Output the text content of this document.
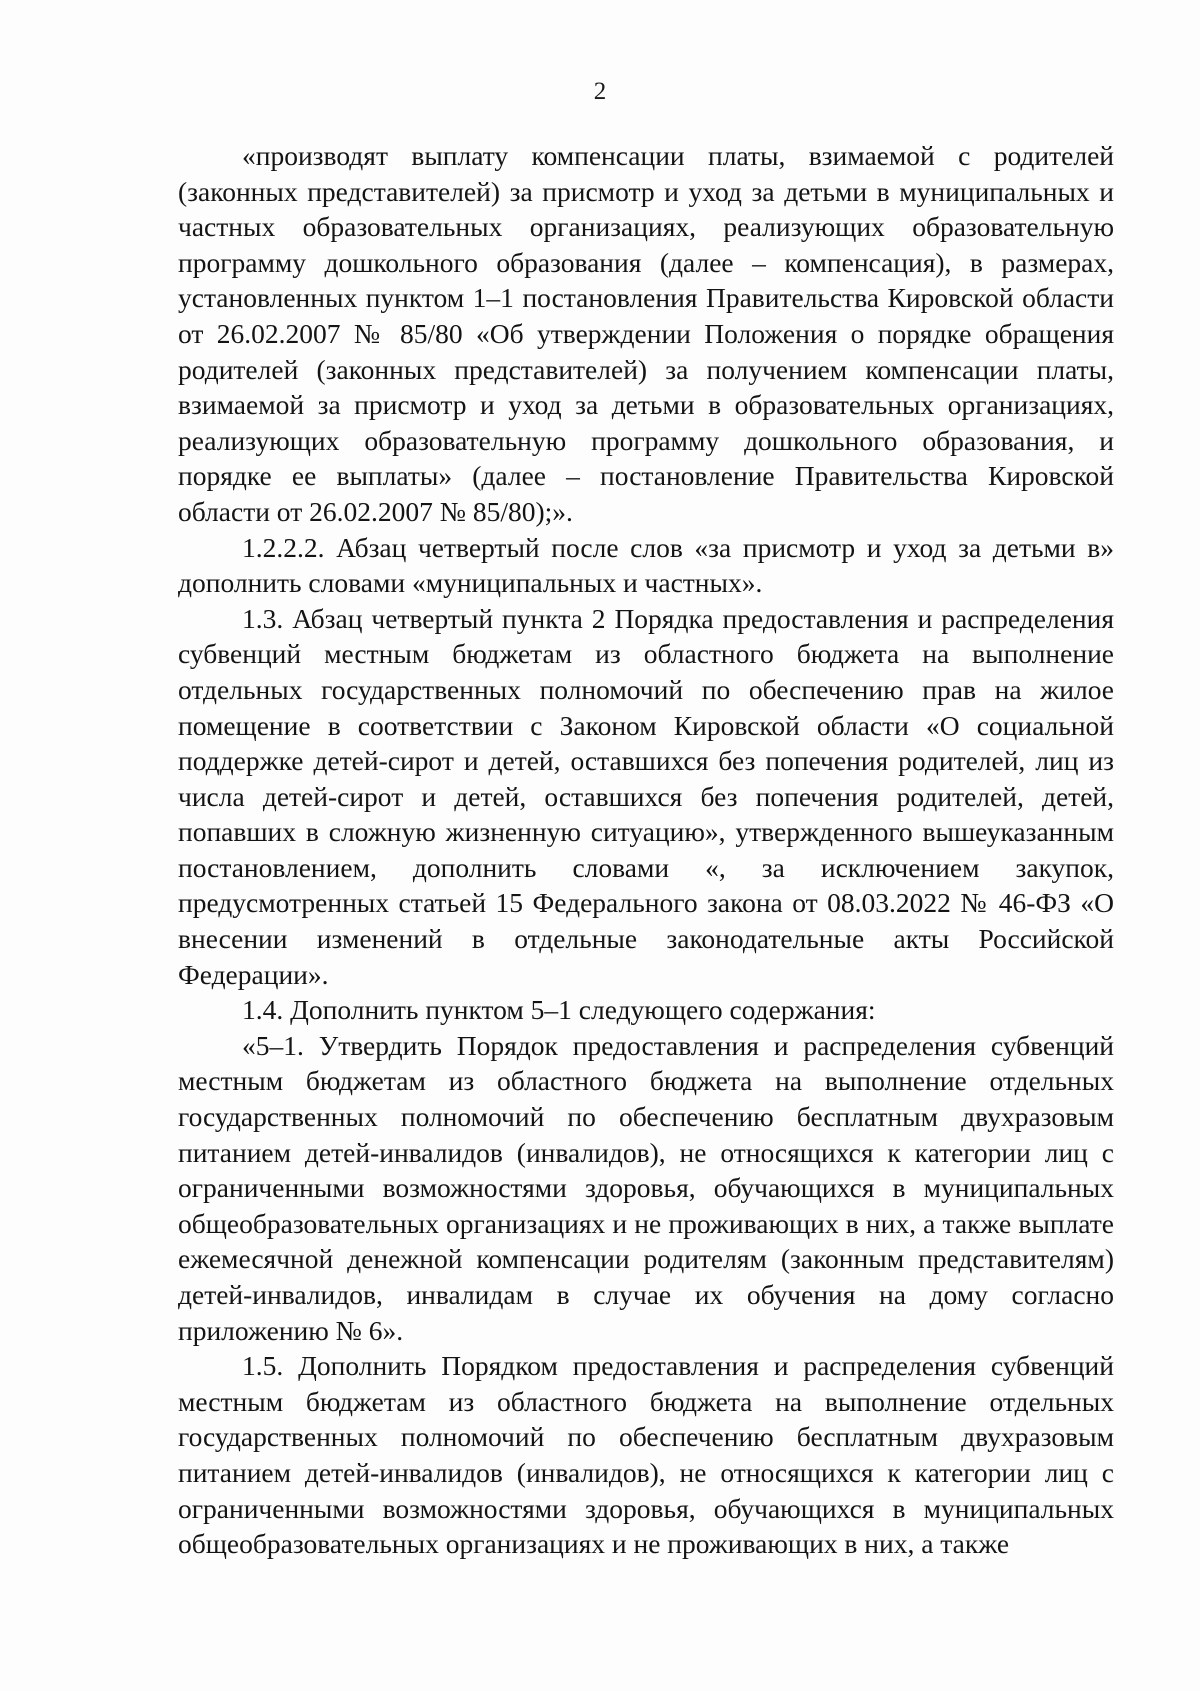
2

«производят выплату компенсации платы, взимаемой с родителей (законных представителей) за присмотр и уход за детьми в муниципальных и частных образовательных организациях, реализующих образовательную программу дошкольного образования (далее – компенсация), в размерах, установленных пунктом 1–1 постановления Правительства Кировской области от 26.02.2007 № 85/80 «Об утверждении Положения о порядке обращения родителей (законных представителей) за получением компенсации платы, взимаемой за присмотр и уход за детьми в образовательных организациях, реализующих образовательную программу дошкольного образования, и порядке ее выплаты» (далее – постановление Правительства Кировской области от 26.02.2007 № 85/80);».

1.2.2.2. Абзац четвертый после слов «за присмотр и уход за детьми в» дополнить словами «муниципальных и частных».

1.3. Абзац четвертый пункта 2 Порядка предоставления и распределения субвенций местным бюджетам из областного бюджета на выполнение отдельных государственных полномочий по обеспечению прав на жилое помещение в соответствии с Законом Кировской области «О социальной поддержке детей-сирот и детей, оставшихся без попечения родителей, лиц из числа детей-сирот и детей, оставшихся без попечения родителей, детей, попавших в сложную жизненную ситуацию», утвержденного вышеуказанным постановлением, дополнить словами «, за исключением закупок, предусмотренных статьей 15 Федерального закона от 08.03.2022 № 46-ФЗ «О внесении изменений в отдельные законодательные акты Российской Федерации».

1.4. Дополнить пунктом 5–1 следующего содержания:

«5–1. Утвердить Порядок предоставления и распределения субвенций местным бюджетам из областного бюджета на выполнение отдельных государственных полномочий по обеспечению бесплатным двухразовым питанием детей-инвалидов (инвалидов), не относящихся к категории лиц с ограниченными возможностями здоровья, обучающихся в муниципальных общеобразовательных организациях и не проживающих в них, а также выплате ежемесячной денежной компенсации родителям (законным представителям) детей-инвалидов, инвалидам в случае их обучения на дому согласно приложению № 6».

1.5. Дополнить Порядком предоставления и распределения субвенций местным бюджетам из областного бюджета на выполнение отдельных государственных полномочий по обеспечению бесплатным двухразовым питанием детей-инвалидов (инвалидов), не относящихся к категории лиц с ограниченными возможностями здоровья, обучающихся в муниципальных общеобразовательных организациях и не проживающих в них, а также
